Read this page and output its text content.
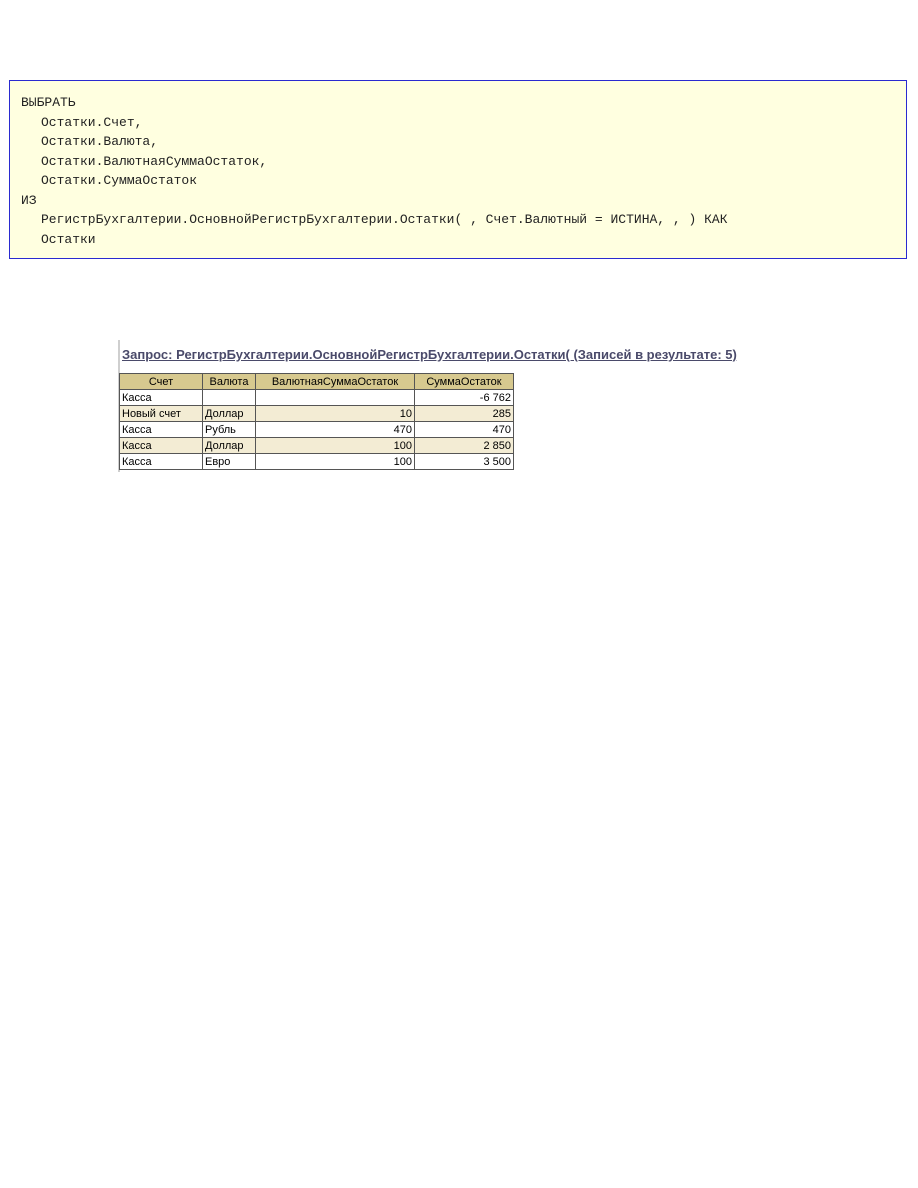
ВЫБРАТЬ
Остатки.Счет,
Остатки.Валюта,
Остатки.ВалютнаяСуммаОстаток,
Остатки.СуммаОстаток
ИЗ
РегистрБухгалтерии.ОсновнойРегистрБухгалтерии.Остатки( , Счет.Валютный = ИСТИНА, , ) КАК
Остатки
Запрос: РегистрБухгалтерии.ОсновнойРегистрБухгалтерии.Остатки( (Записей в результате: 5)
Счет	Валюта	ВалютнаяСуммаОстаток	СуммаОстаток
Касса			-6 762
Новый счет	Доллар	10	285
Касса	Рубль	470	470
Касса	Доллар	100	2 850
Касса	Евро	100	3 500
